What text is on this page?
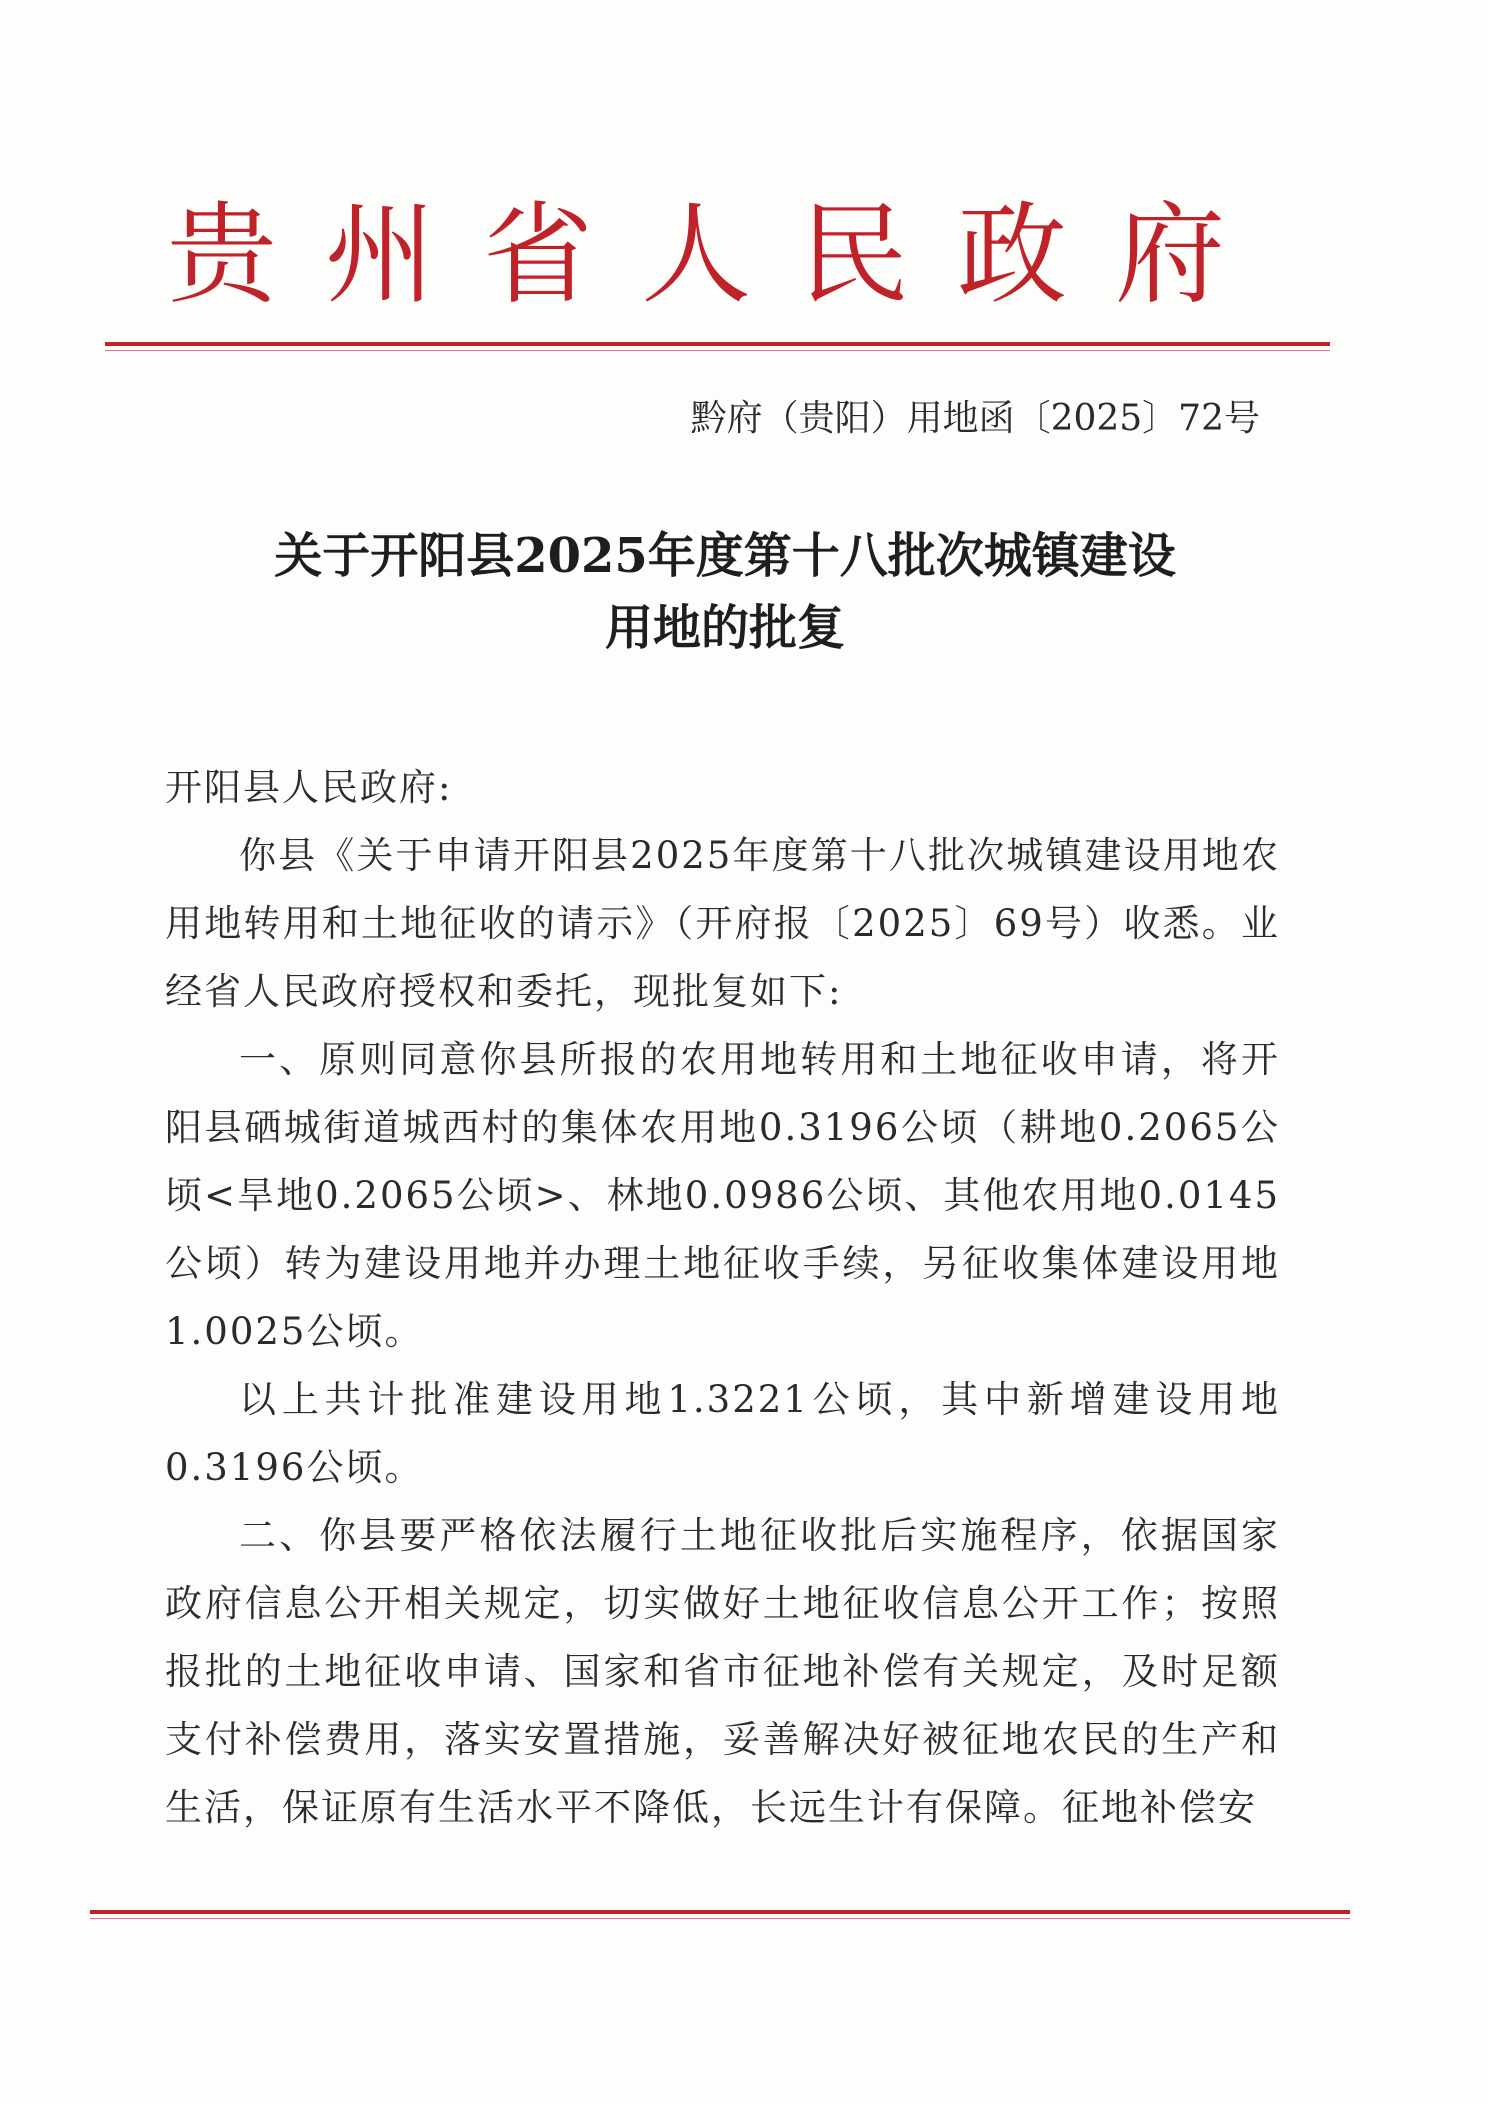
贵州省人民政府
黔府（贵阳）用地函〔2025〕72号
关于开阳县2025年度第十八批次城镇建设
用地的批复

开阳县人民政府:

你县《关于申请开阳县2025年度第十八批次城镇建设用地农用地转用和土地征收的请示》（开府报〔2025〕69号）收悉。业经省人民政府授权和委托，现批复如下:

一、原则同意你县所报的农用地转用和土地征收申请，将开阳县硒城街道城西村的集体农用地0.3196公顷（耕地0.2065公顷<旱地0.2065公顷>、林地0.0986公顷、其他农用地0.0145公顷）转为建设用地并办理土地征收手续，另征收集体建设用地1.0025公顷。

以上共计批准建设用地1.3221公顷，其中新增建设用地0.3196公顷。

二、你县要严格依法履行土地征收批后实施程序，依据国家政府信息公开相关规定，切实做好土地征收信息公开工作；按照报批的土地征收申请、国家和省市征地补偿有关规定，及时足额支付补偿费用，落实安置措施，妥善解决好被征地农民的生产和生活，保证原有生活水平不降低，长远生计有保障。征地补偿安
